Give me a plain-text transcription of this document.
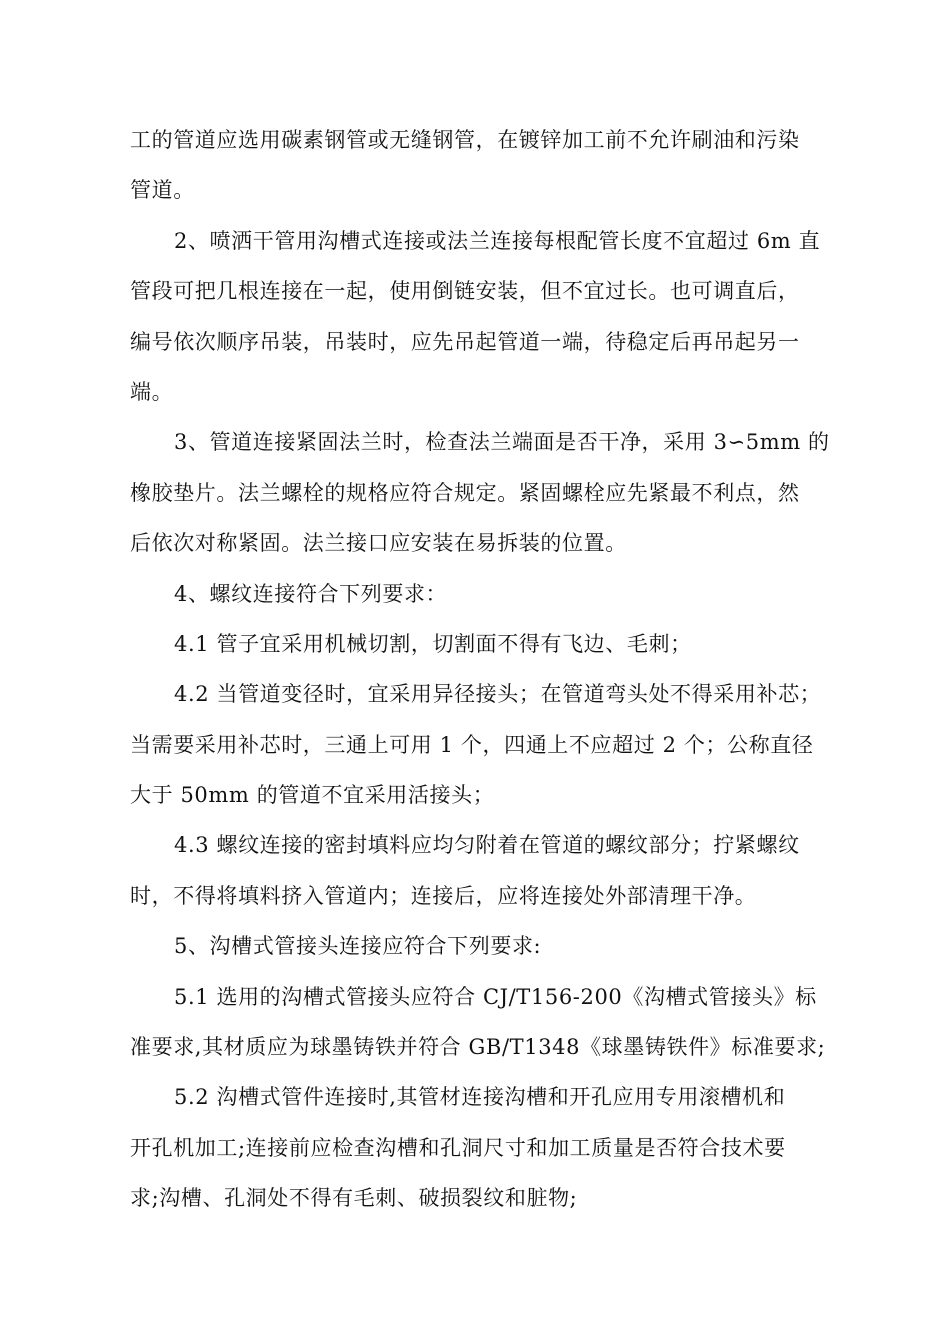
工的管道应选用碳素钢管或无缝钢管，在镀锌加工前不允许刷油和污染
管道。
2、喷洒干管用沟槽式连接或法兰连接每根配管长度不宜超过 6m 直
管段可把几根连接在一起，使用倒链安装，但不宜过长。也可调直后，
编号依次顺序吊装，吊装时，应先吊起管道一端，待稳定后再吊起另一
端。
3、管道连接紧固法兰时，检查法兰端面是否干净，采用 3∽5mm 的
橡胶垫片。法兰螺栓的规格应符合规定。紧固螺栓应先紧最不利点，然
后依次对称紧固。法兰接口应安装在易拆装的位置。
4、螺纹连接符合下列要求：
4.1 管子宜采用机械切割，切割面不得有飞边、毛刺；
4.2 当管道变径时，宜采用异径接头；在管道弯头处不得采用补芯；
当需要采用补芯时，三通上可用 1 个，四通上不应超过 2 个；公称直径
大于 50mm 的管道不宜采用活接头；
4.3 螺纹连接的密封填料应均匀附着在管道的螺纹部分；拧紧螺纹
时，不得将填料挤入管道内；连接后，应将连接处外部清理干净。
5、沟槽式管接头连接应符合下列要求:
5.1 选用的沟槽式管接头应符合 CJ/T156-200《沟槽式管接头》标
准要求,其材质应为球墨铸铁并符合 GB/T1348《球墨铸铁件》标准要求;
5.2 沟槽式管件连接时,其管材连接沟槽和开孔应用专用滚槽机和
开孔机加工;连接前应检查沟槽和孔洞尺寸和加工质量是否符合技术要
求;沟槽、孔洞处不得有毛刺、破损裂纹和脏物;
